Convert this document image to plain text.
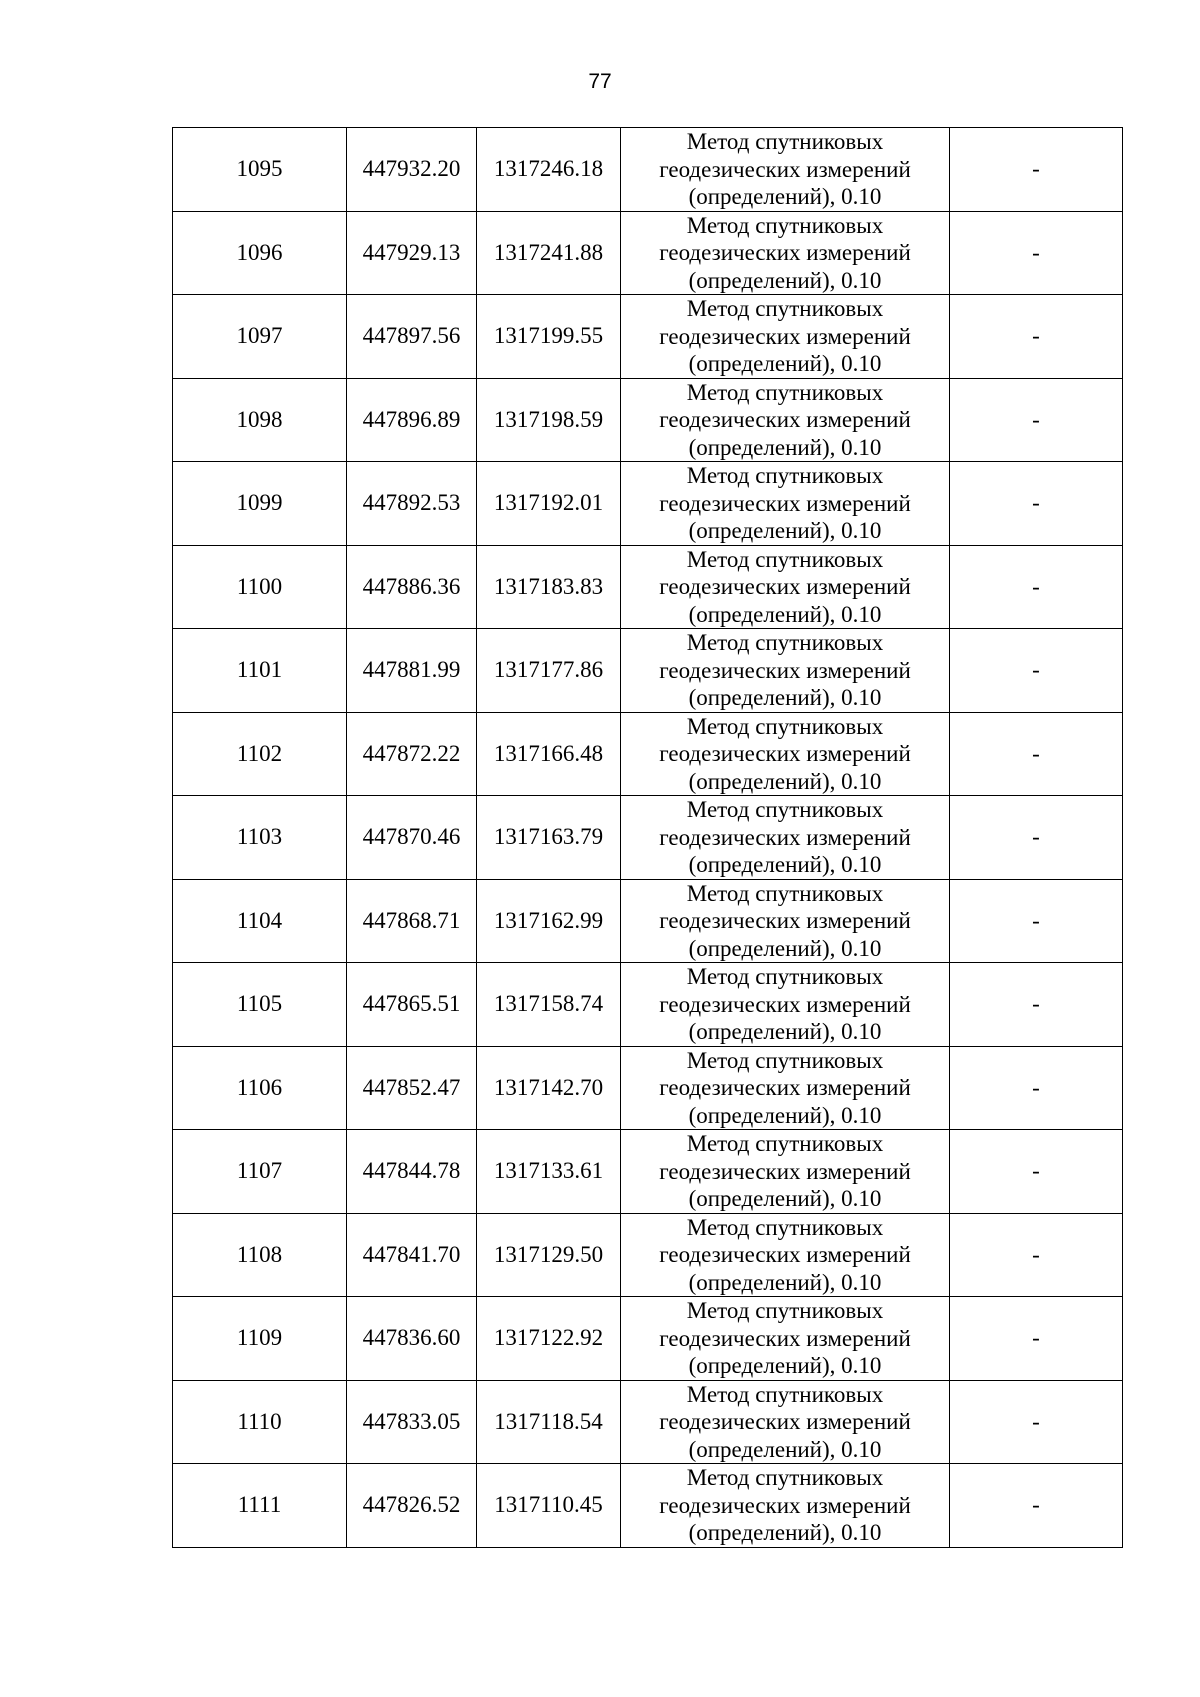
77
1095	447932.20	1317246.18	Метод спутниковых
геодезических измерений
(определений), 0.10	-
1096	447929.13	1317241.88	Метод спутниковых
геодезических измерений
(определений), 0.10	-
1097	447897.56	1317199.55	Метод спутниковых
геодезических измерений
(определений), 0.10	-
1098	447896.89	1317198.59	Метод спутниковых
геодезических измерений
(определений), 0.10	-
1099	447892.53	1317192.01	Метод спутниковых
геодезических измерений
(определений), 0.10	-
1100	447886.36	1317183.83	Метод спутниковых
геодезических измерений
(определений), 0.10	-
1101	447881.99	1317177.86	Метод спутниковых
геодезических измерений
(определений), 0.10	-
1102	447872.22	1317166.48	Метод спутниковых
геодезических измерений
(определений), 0.10	-
1103	447870.46	1317163.79	Метод спутниковых
геодезических измерений
(определений), 0.10	-
1104	447868.71	1317162.99	Метод спутниковых
геодезических измерений
(определений), 0.10	-
1105	447865.51	1317158.74	Метод спутниковых
геодезических измерений
(определений), 0.10	-
1106	447852.47	1317142.70	Метод спутниковых
геодезических измерений
(определений), 0.10	-
1107	447844.78	1317133.61	Метод спутниковых
геодезических измерений
(определений), 0.10	-
1108	447841.70	1317129.50	Метод спутниковых
геодезических измерений
(определений), 0.10	-
1109	447836.60	1317122.92	Метод спутниковых
геодезических измерений
(определений), 0.10	-
1110	447833.05	1317118.54	Метод спутниковых
геодезических измерений
(определений), 0.10	-
1111	447826.52	1317110.45	Метод спутниковых
геодезических измерений
(определений), 0.10	-
